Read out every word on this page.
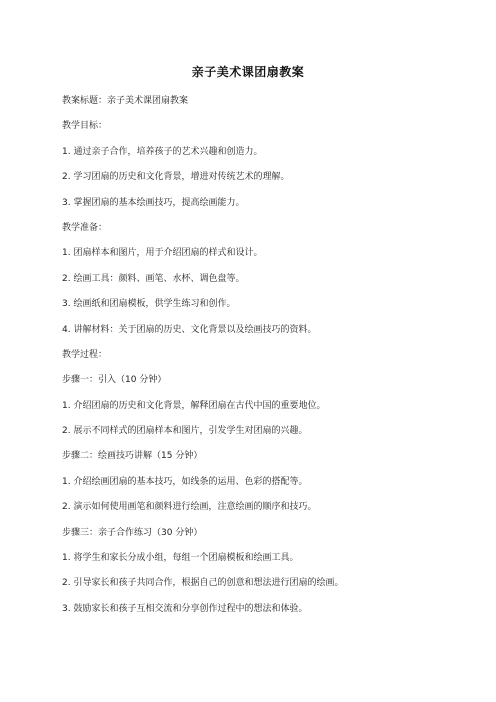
亲子美术课团扇教案
教案标题：亲子美术课团扇教案
教学目标：
1. 通过亲子合作，培养孩子的艺术兴趣和创造力。
2. 学习团扇的历史和文化背景，增进对传统艺术的理解。
3. 掌握团扇的基本绘画技巧，提高绘画能力。
教学准备：
1. 团扇样本和图片，用于介绍团扇的样式和设计。
2. 绘画工具：颜料、画笔、水杯、调色盘等。
3. 绘画纸和团扇模板，供学生练习和创作。
4. 讲解材料：关于团扇的历史、文化背景以及绘画技巧的资料。
教学过程：
步骤一：引入（10 分钟）
1. 介绍团扇的历史和文化背景，解释团扇在古代中国的重要地位。
2. 展示不同样式的团扇样本和图片，引发学生对团扇的兴趣。
步骤二：绘画技巧讲解（15 分钟）
1. 介绍绘画团扇的基本技巧，如线条的运用、色彩的搭配等。
2. 演示如何使用画笔和颜料进行绘画，注意绘画的顺序和技巧。
步骤三：亲子合作练习（30 分钟）
1. 将学生和家长分成小组，每组一个团扇模板和绘画工具。
2. 引导家长和孩子共同合作，根据自己的创意和想法进行团扇的绘画。
3. 鼓励家长和孩子互相交流和分享创作过程中的想法和体验。
